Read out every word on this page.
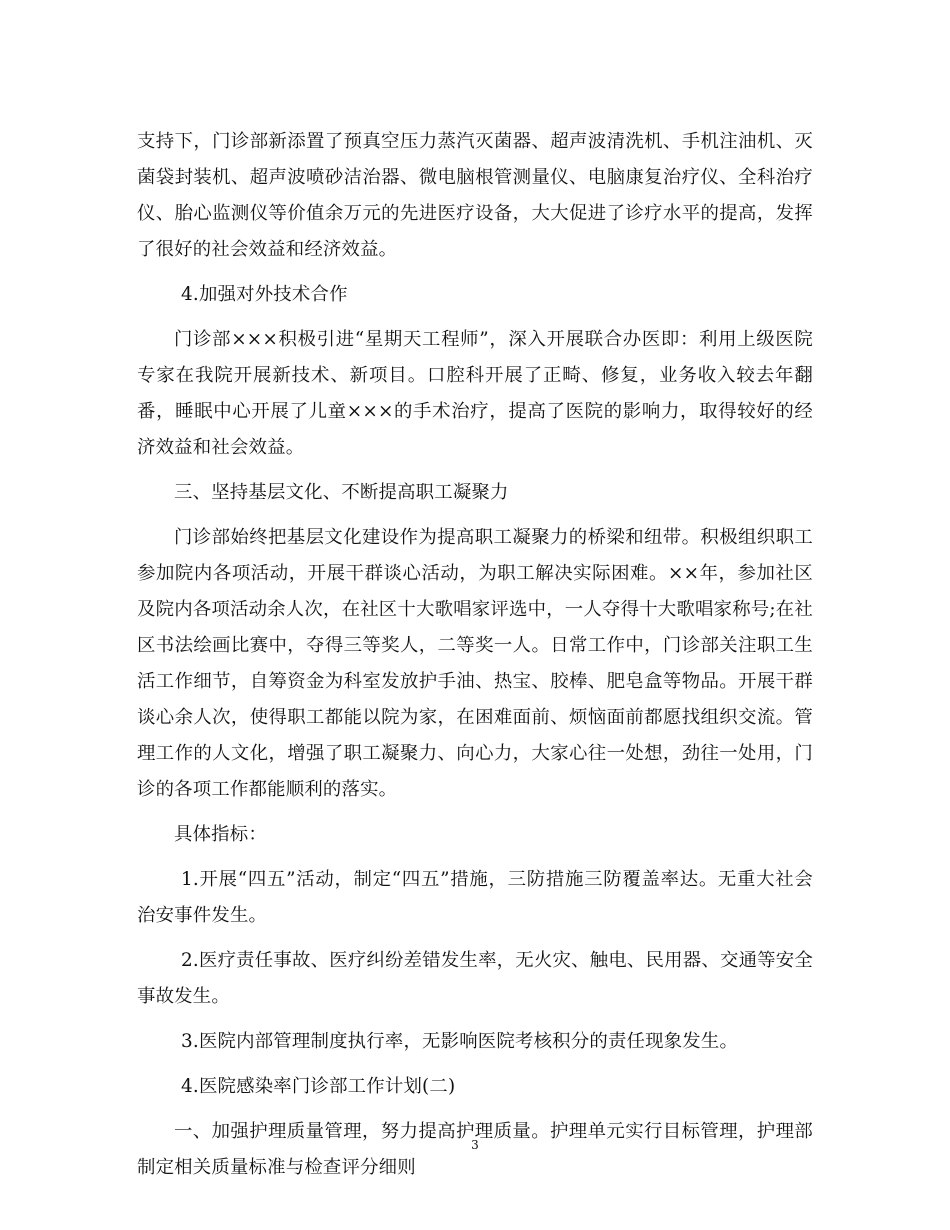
支持下，门诊部新添置了预真空压力蒸汽灭菌器、超声波清洗机、手机注油机、灭菌袋封装机、超声波喷砂洁治器、微电脑根管测量仪、电脑康复治疗仪、全科治疗仪、胎心监测仪等价值余万元的先进医疗设备，大大促进了诊疗水平的提高，发挥了很好的社会效益和经济效益。

4.加强对外技术合作

门诊部×××积极引进“星期天工程师”，深入开展联合办医即：利用上级医院专家在我院开展新技术、新项目。口腔科开展了正畸、修复，业务收入较去年翻番，睡眠中心开展了儿童×××的手术治疗，提高了医院的影响力，取得较好的经济效益和社会效益。

三、坚持基层文化、不断提高职工凝聚力

门诊部始终把基层文化建设作为提高职工凝聚力的桥梁和纽带。积极组织职工参加院内各项活动，开展干群谈心活动，为职工解决实际困难。××年，参加社区及院内各项活动余人次，在社区十大歌唱家评选中，一人夺得十大歌唱家称号;在社区书法绘画比赛中，夺得三等奖人，二等奖一人。日常工作中，门诊部关注职工生活工作细节，自筹资金为科室发放护手油、热宝、胶棒、肥皂盒等物品。开展干群谈心余人次，使得职工都能以院为家，在困难面前、烦恼面前都愿找组织交流。管理工作的人文化，增强了职工凝聚力、向心力，大家心往一处想，劲往一处用，门诊的各项工作都能顺利的落实。

具体指标：

1.开展“四五”活动，制定“四五”措施，三防措施三防覆盖率达。无重大社会治安事件发生。

2.医疗责任事故、医疗纠纷差错发生率，无火灾、触电、民用器、交通等安全事故发生。

3.医院内部管理制度执行率，无影响医院考核积分的责任现象发生。

4.医院感染率门诊部工作计划(二)

一、加强护理质量管理，努力提高护理质量。护理单元实行目标管理，护理部制定相关质量标准与检查评分细则

3
